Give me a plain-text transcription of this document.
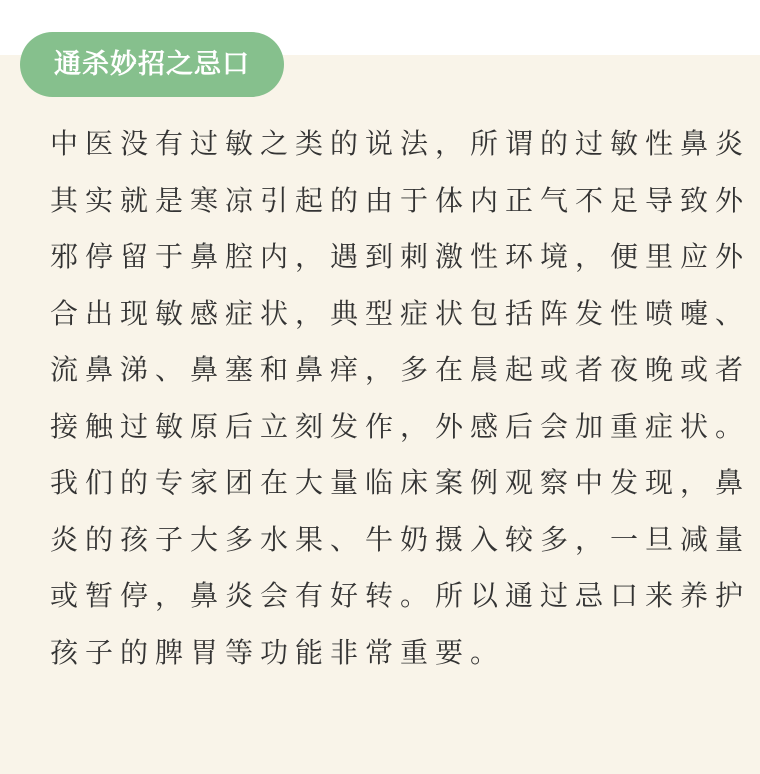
通杀妙招之忌口
中医没有过敏之类的说法，所谓的过敏性鼻炎
其实就是寒凉引起的由于体内正气不足导致外
邪停留于鼻腔内，遇到刺激性环境，便里应外
合出现敏感症状，典型症状包括阵发性喷嚏、
流鼻涕、鼻塞和鼻痒，多在晨起或者夜晚或者
接触过敏原后立刻发作，外感后会加重症状。
我们的专家团在大量临床案例观察中发现，鼻
炎的孩子大多水果、牛奶摄入较多，一旦减量
或暂停，鼻炎会有好转。所以通过忌口来养护
孩子的脾胃等功能非常重要。
